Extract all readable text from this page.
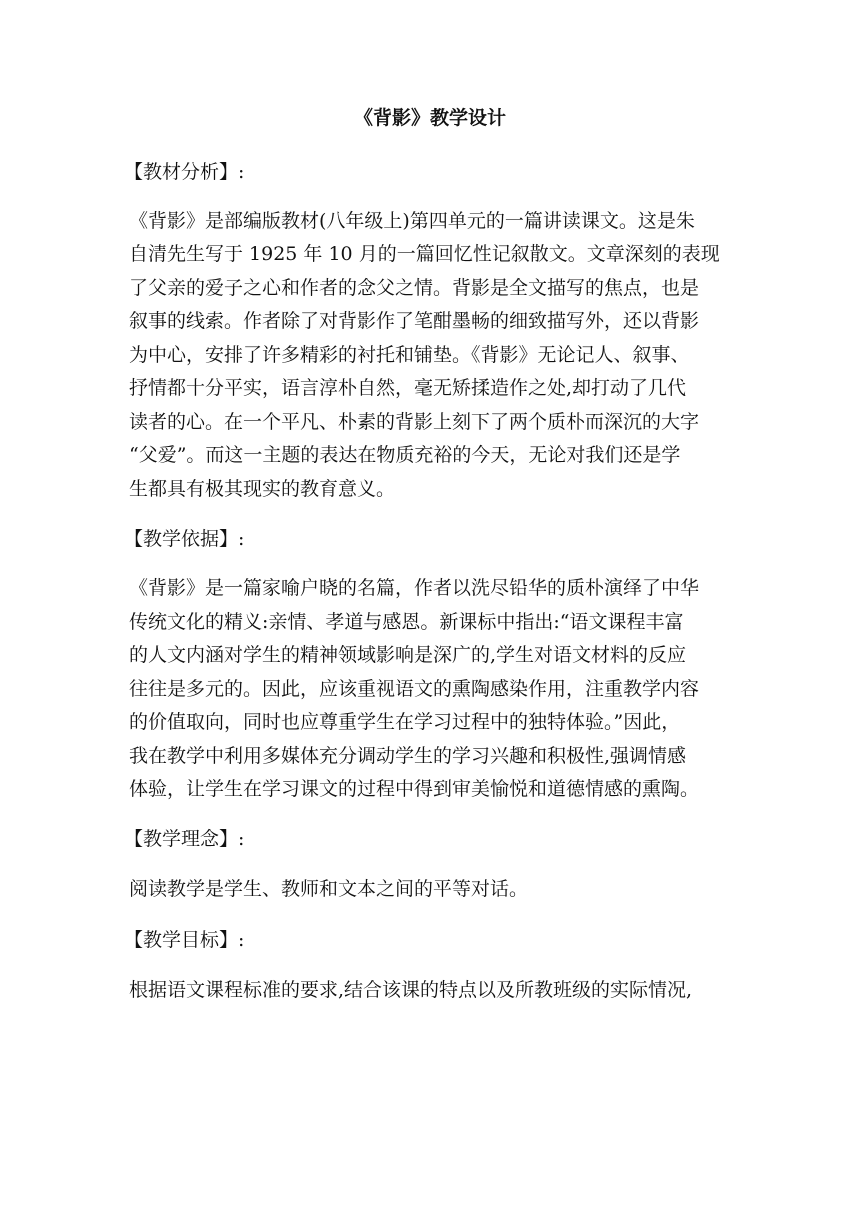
《背影》教学设计
【教材分析】:
《背影》是部编版教材(八年级上)第四单元的一篇讲读课文。这是朱
自清先生写于 1925 年 10 月的一篇回忆性记叙散文。文章深刻的表现
了父亲的爱子之心和作者的念父之情。背影是全文描写的焦点，也是
叙事的线索。作者除了对背影作了笔酣墨畅的细致描写外，还以背影
为中心，安排了许多精彩的衬托和铺垫。《背影》无论记人、叙事、
抒情都十分平实，语言淳朴自然，毫无矫揉造作之处,却打动了几代
读者的心。在一个平凡、朴素的背影上刻下了两个质朴而深沉的大字
“父爱”。而这一主题的表达在物质充裕的今天，无论对我们还是学
生都具有极其现实的教育意义。
【教学依据】:
《背影》是一篇家喻户晓的名篇，作者以洗尽铅华的质朴演绎了中华
传统文化的精义:亲情、孝道与感恩。新课标中指出:“语文课程丰富
的人文内涵对学生的精神领域影响是深广的,学生对语文材料的反应
往往是多元的。因此，应该重视语文的熏陶感染作用，注重教学内容
的价值取向，同时也应尊重学生在学习过程中的独特体验。”因此，
我在教学中利用多媒体充分调动学生的学习兴趣和积极性,强调情感
体验，让学生在学习课文的过程中得到审美愉悦和道德情感的熏陶。
【教学理念】:
阅读教学是学生、教师和文本之间的平等对话。
【教学目标】:
根据语文课程标准的要求,结合该课的特点以及所教班级的实际情况,
